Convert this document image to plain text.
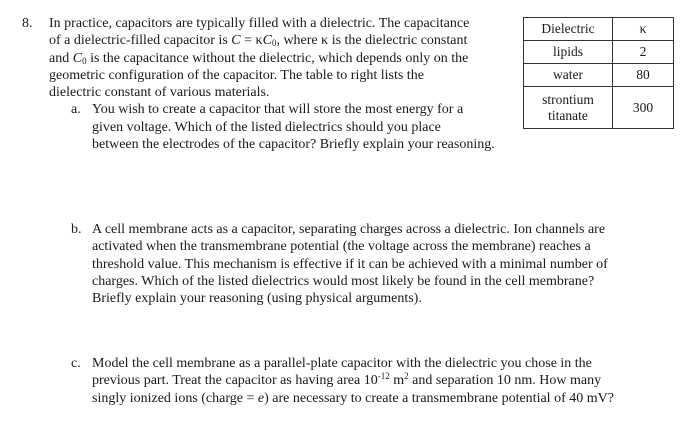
8. In practice, capacitors are typically filled with a dielectric. The capacitance
of a dielectric-filled capacitor is $C = \kappa C_0$, where κ is the dielectric constant
and $C_0$ is the capacitance without the dielectric, which depends only on the
geometric configuration of the capacitor. The table to right lists the
dielectric constant of various materials.
a. You wish to create a capacitor that will store the most energy for a
given voltage. Which of the listed dielectrics should you place
between the electrodes of the capacitor? Briefly explain your reasoning.
b. A cell membrane acts as a capacitor, separating charges across a dielectric. Ion channels are
activated when the transmembrane potential (the voltage across the membrane) reaches a
threshold value. This mechanism is effective if it can be achieved with a minimal number of
charges. Which of the listed dielectrics would most likely be found in the cell membrane?
Briefly explain your reasoning (using physical arguments).
c. Model the cell membrane as a parallel-plate capacitor with the dielectric you chose in the
previous part. Treat the capacitor as having area $10^{-12}$ $m^2$ and separation 10 nm. How many
singly ionized ions (charge = e) are necessary to create a transmembrane potential of 40 mV?
Dielectric	κ
lipids	2
water	80

strontium
titanate	300
